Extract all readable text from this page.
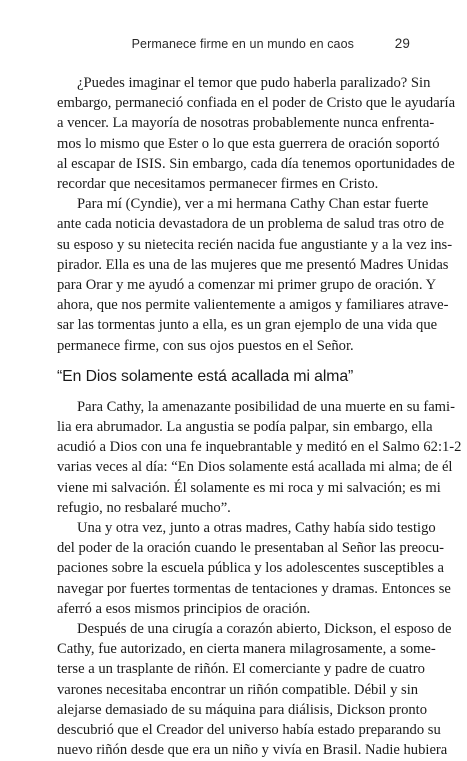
Permanece firme en un mundo en caos	29

¿Puedes imaginar el temor que pudo haberla paralizado? Sin
embargo, permaneció confiada en el poder de Cristo que le ayudaría
a vencer. La mayoría de nosotras probablemente nunca enfrenta-
mos lo mismo que Ester o lo que esta guerrera de oración soportó
al escapar de ISIS. Sin embargo, cada día tenemos oportunidades de
recordar que necesitamos permanecer firmes en Cristo.

Para mí (Cyndie), ver a mi hermana Cathy Chan estar fuerte
ante cada noticia devastadora de un problema de salud tras otro de
su esposo y su nietecita recién nacida fue angustiante y a la vez ins-
pirador. Ella es una de las mujeres que me presentó Madres Unidas
para Orar y me ayudó a comenzar mi primer grupo de oración. Y
ahora, que nos permite valientemente a amigos y familiares atrave-
sar las tormentas junto a ella, es un gran ejemplo de una vida que
permanece firme, con sus ojos puestos en el Señor.

“En Dios solamente está acallada mi alma”

Para Cathy, la amenazante posibilidad de una muerte en su fami-
lia era abrumador. La angustia se podía palpar, sin embargo, ella
acudió a Dios con una fe inquebrantable y meditó en el Salmo 62:1-2
varias veces al día: “En Dios solamente está acallada mi alma; de él
viene mi salvación. Él solamente es mi roca y mi salvación; es mi
refugio, no resbalaré mucho”.

Una y otra vez, junto a otras madres, Cathy había sido testigo
del poder de la oración cuando le presentaban al Señor las preocu-
paciones sobre la escuela pública y los adolescentes susceptibles a
navegar por fuertes tormentas de tentaciones y dramas. Entonces se
aferró a esos mismos principios de oración.

Después de una cirugía a corazón abierto, Dickson, el esposo de
Cathy, fue autorizado, en cierta manera milagrosamente, a some-
terse a un trasplante de riñón. El comerciante y padre de cuatro
varones necesitaba encontrar un riñón compatible. Débil y sin
alejarse demasiado de su máquina para diálisis, Dickson pronto
descubrió que el Creador del universo había estado preparando su
nuevo riñón desde que era un niño y vivía en Brasil. Nadie hubiera
